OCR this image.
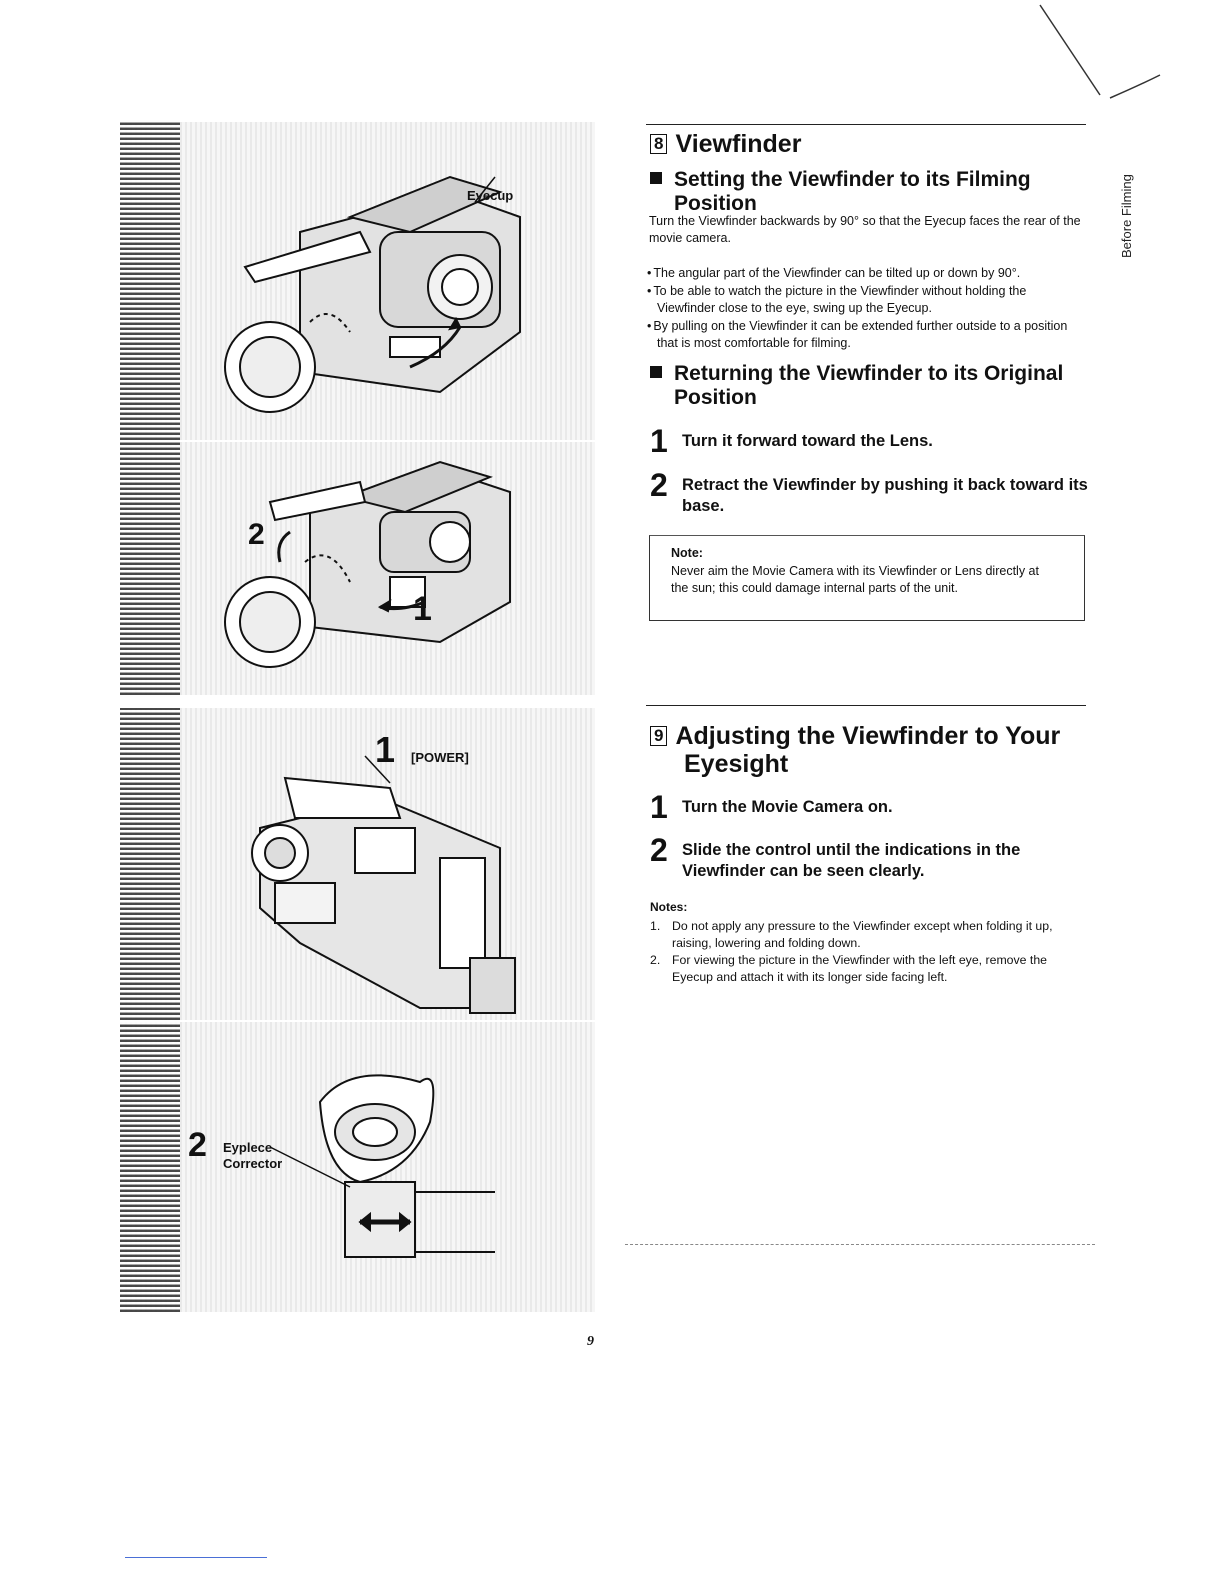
Eyecup
2
1
1 [POWER]
2 Eyplece
Corrector
8 Viewfinder
Setting the Viewfinder to its Filming
Position
Turn the Viewfinder backwards by 90° so that the Eyecup faces the rear of the movie camera.
• The angular part of the Viewfinder can be tilted up or down by 90°.
• To be able to watch the picture in the Viewfinder without holding the Viewfinder close to the eye, swing up the Eyecup.
• By pulling on the Viewfinder it can be extended further outside to a position that is most comfortable for filming.
Returning the Viewfinder to its Original
Position
1 Turn it forward toward the Lens.
2 Retract the Viewfinder by pushing it back toward its base.
Note:
Never aim the Movie Camera with its Viewfinder or Lens directly at the sun; this could damage internal parts of the unit.
9 Adjusting the Viewfinder to Your
Eyesight
1 Turn the Movie Camera on.
2 Slide the control until the indications in the Viewfinder can be seen clearly.
Notes:
1. Do not apply any pressure to the Viewfinder except when folding it up, raising, lowering and folding down.
2. For viewing the picture in the Viewfinder with the left eye, remove the Eyecup and attach it with its longer side facing left.
Before Filming
9
